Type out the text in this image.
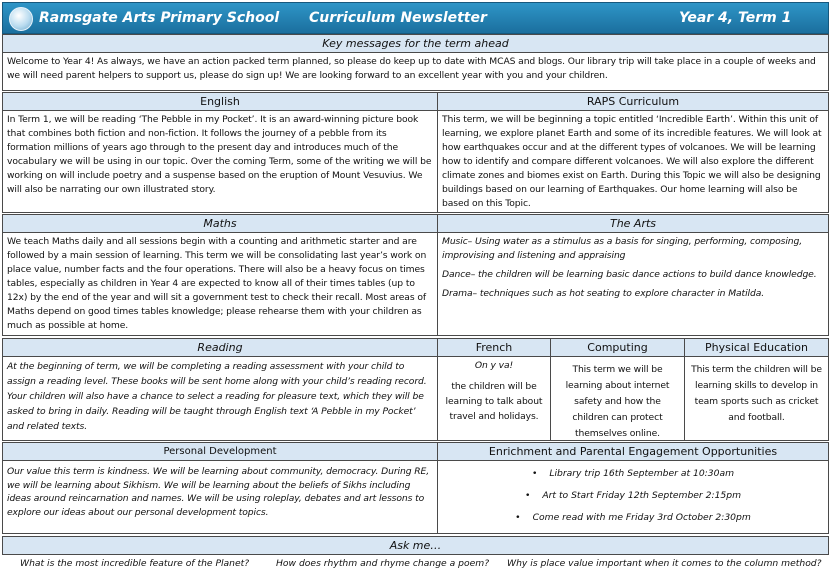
Ramsgate Arts Primary School Curriculum Newsletter	Year 4, Term 1
Key messages for the term ahead
Welcome to Year 4! As always, we have an action packed term planned, so please do keep up to date with MCAS and blogs. Our library trip will take place in a couple of weeks and we will need parent helpers to support us, please do sign up! We are looking forward to an excellent year with you and your children.
English	RAPS Curriculum
In Term 1, we will be reading ‘The Pebble in my Pocket’. It is an award-winning picture book that combines both fiction and non-fiction. It follows the journey of a pebble from its formation millions of years ago through to the present day and introduces much of the vocabulary we will be using in our topic. Over the coming Term, some of the writing we will be working on will include poetry and a suspense based on the eruption of Mount Vesuvius. We will also be narrating our own illustrated story.
This term, we will be beginning a topic entitled ‘Incredible Earth’. Within this unit of learning, we explore planet Earth and some of its incredible features. We will look at how earthquakes occur and at the different types of volcanoes. We will be learning how to identify and compare different volcanoes. We will also explore the different climate zones and biomes exist on Earth. During this Topic we will also be designing buildings based on our learning of Earthquakes. Our home learning will also be based on this Topic.
Maths	The Arts
We teach Maths daily and all sessions begin with a counting and arithmetic starter and are followed by a main session of learning. This term we will be consolidating last year’s work on place value, number facts and the four operations. There will also be a heavy focus on times tables, especially as children in Year 4 are expected to know all of their times tables (up to 12x) by the end of the year and will sit a government test to check their recall. Most areas of Maths depend on good times tables knowledge; please rehearse them with your children as much as possible at home.

Music– Using water as a stimulus as a basis for singing, performing, composing, improvising and listening and appraising

Dance– the children will be learning basic dance actions to build dance knowledge.

Drama– techniques such as hot seating to explore character in Matilda.

Reading	French	Computing	Physical Education
At the beginning of term, we will be completing a reading assessment with your child to assign a reading level. These books will be sent home along with your child’s reading record. Your children will also have a chance to select a reading for pleasure text, which they will be asked to bring in daily. Reading will be taught through English text ‘A Pebble in my Pocket’ and related texts.
On y va!
the children will be learning to talk about travel and holidays.
This term we will be learning about internet safety and how the children can protect themselves online.
This term the children will be learning skills to develop in team sports such as cricket and football.
Personal Development	Enrichment and Parental Engagement Opportunities
Our value this term is kindness. We will be learning about community, democracy. During RE, we will be learning about Sikhism. We will be learning about the beliefs of Sikhs including ideas around reincarnation and names. We will be using roleplay, debates and art lessons to explore our ideas about our personal development topics.
• Library trip 16th September at 10:30am
• Art to Start Friday 12th September 2:15pm
• Come read with me Friday 3rd October 2:30pm
Ask me…
What is the most incredible feature of the Planet?	How does rhythm and rhyme change a poem? Why is place value important when it comes to the column method?
